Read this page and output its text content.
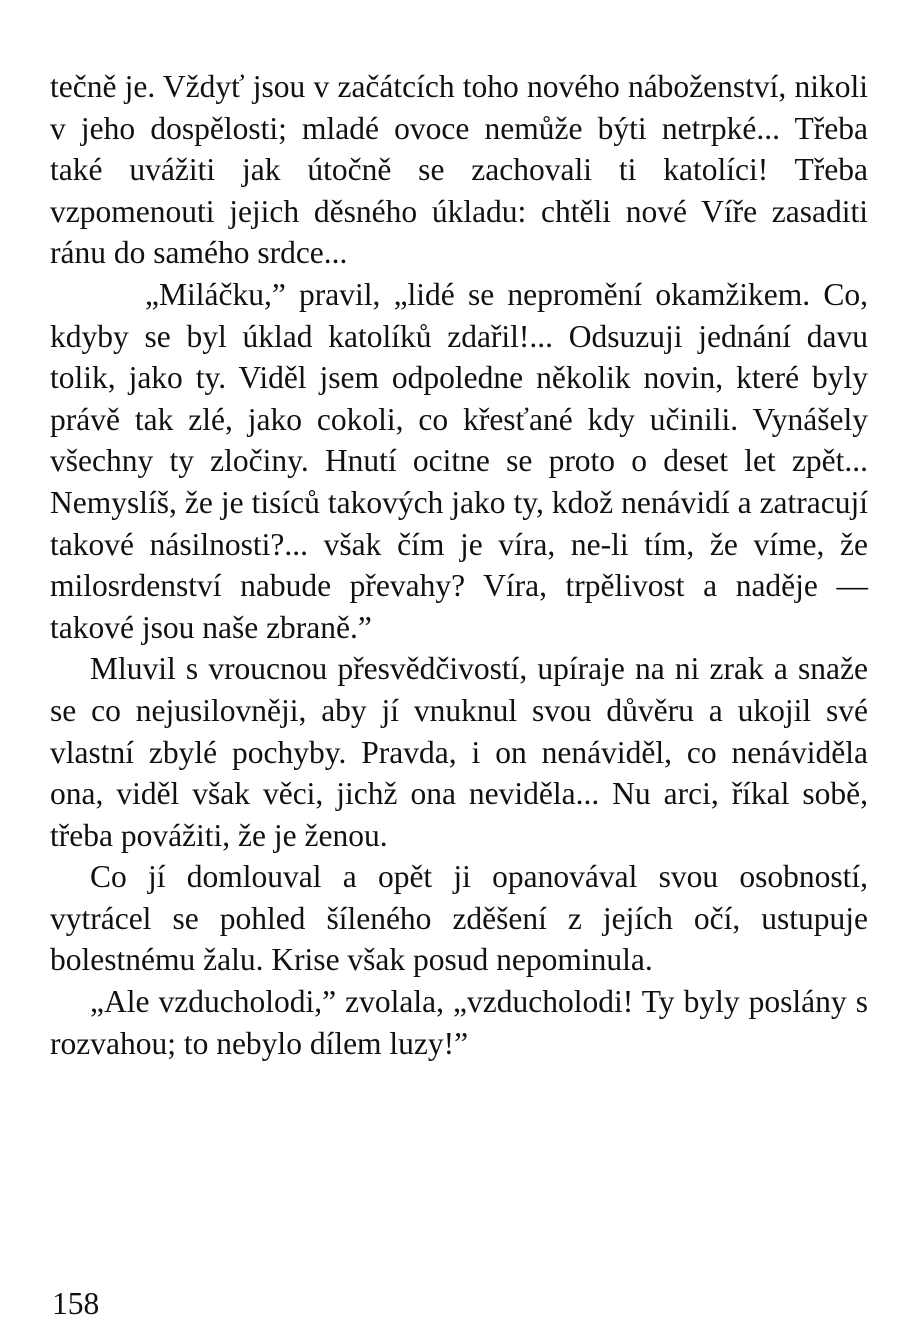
tečně je. Vždyť jsou v začátcích toho nového náboženství, nikoli v jeho dospělosti; mladé ovoce nemůže býti netrpké... Třeba také uvážiti jak útočně se zachovali ti katolíci! Třeba vzpomenouti jejich děsného úkladu: chtěli nové Víře zasaditi ránu do samého srdce...

„Miláčku,” pravil, „lidé se nepromění okamžikem. Co, kdyby se byl úklad katolíků zdařil!... Odsuzuji jednání davu tolik, jako ty. Viděl jsem odpoledne několik novin, které byly právě tak zlé, jako cokoli, co křesťané kdy učinili. Vynášely všechny ty zločiny. Hnutí ocitne se proto o deset let zpět... Nemyslíš, že je tisíců takových jako ty, kdož nenávidí a zatracují takové násilnosti?... však čím je víra, ne-li tím, že víme, že milosrdenství nabude převahy? Víra, trpělivost a naděje — takové jsou naše zbraně.”

Mluvil s vroucnou přesvědčivostí, upíraje na ni zrak a snaže se co nejusilovněji, aby jí vnuknul svou důvěru a ukojil své vlastní zbylé pochyby. Pravda, i on nenáviděl, co nenáviděla ona, viděl však věci, jichž ona neviděla... Nu arci, říkal sobě, třeba povážiti, že je ženou.

Co jí domlouval a opět ji opanovával svou osobností, vytrácel se pohled šíleného zděšení z jejích očí, ustupuje bolestnému žalu. Krise však posud nepominula.

„Ale vzducholodi,” zvolala, „vzducholodi! Ty byly poslány s rozvahou; to nebylo dílem luzy!”

158
